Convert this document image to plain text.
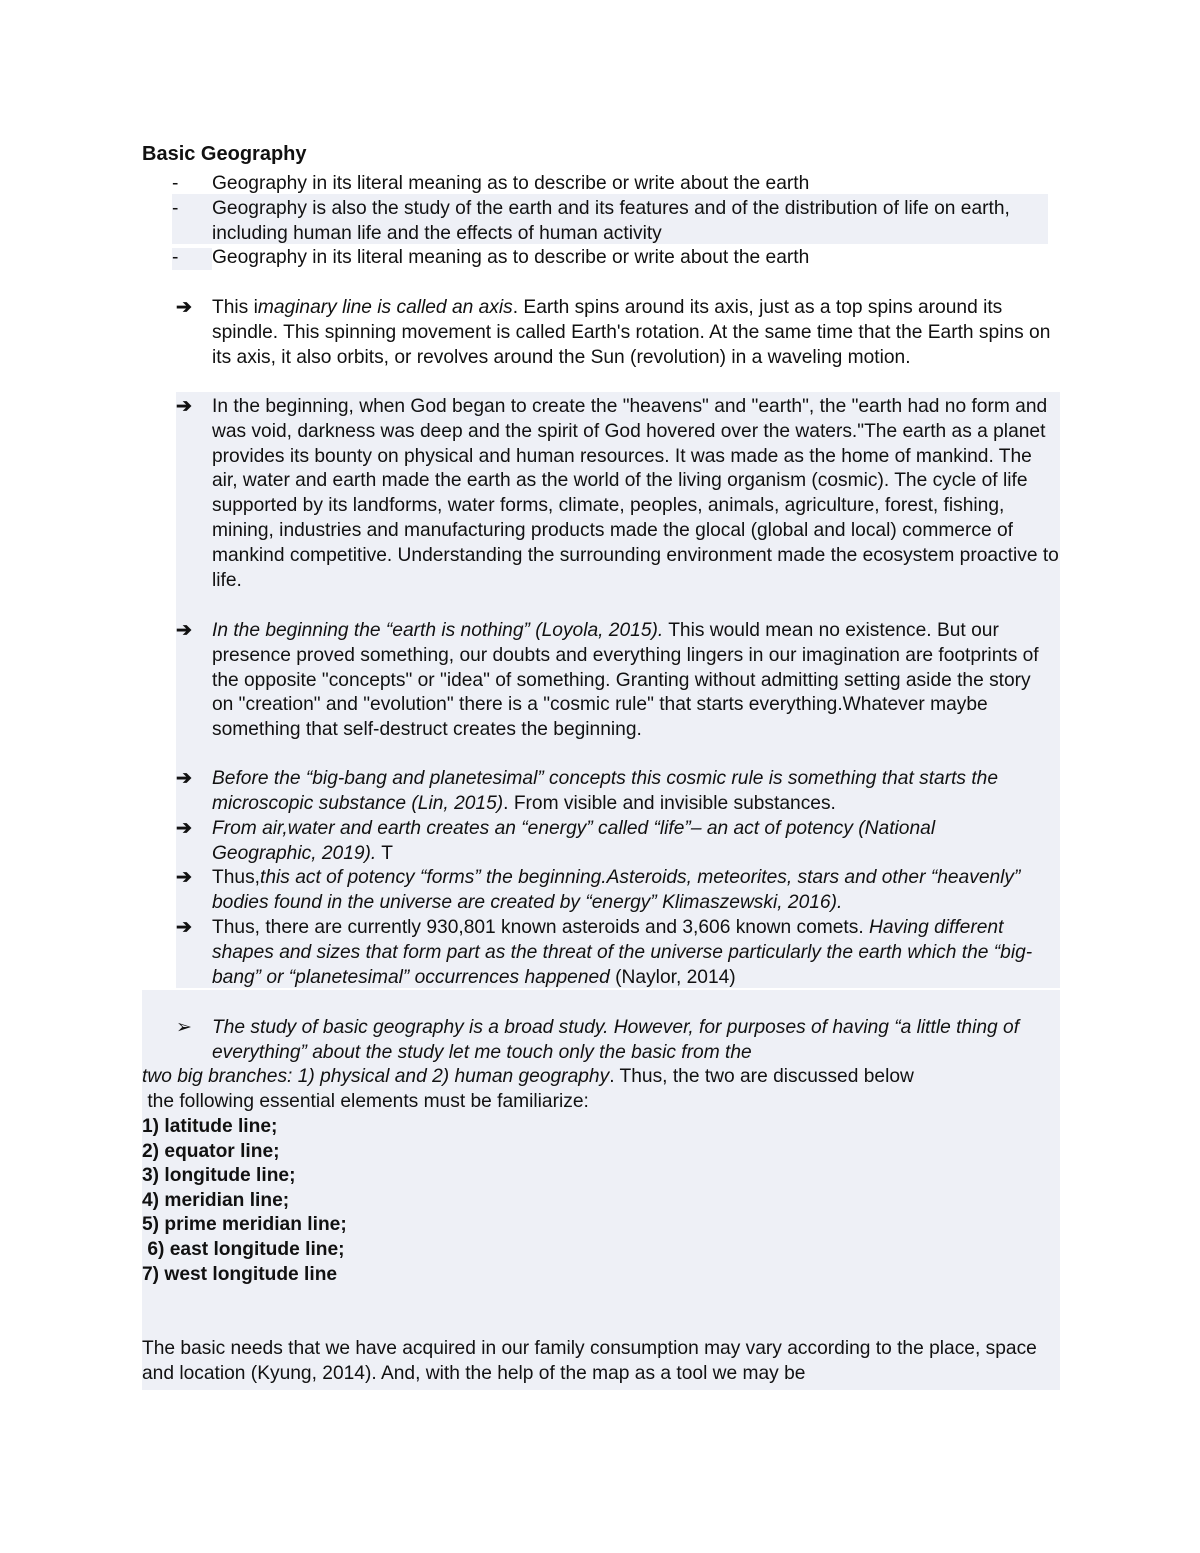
Basic Geography
- Geography in its literal meaning as to describe or write about the earth
- Geography is also the study of the earth and its features and of the distribution of life on earth, including human life and the effects of human activity
- Geography in its literal meaning as to describe or write about the earth
➔ This imaginary line is called an axis. Earth spins around its axis, just as a top spins around its spindle. This spinning movement is called Earth's rotation. At the same time that the Earth spins on its axis, it also orbits, or revolves around the Sun (revolution) in a waveling motion.
➔ In the beginning, when God began to create the "heavens" and "earth", the "earth had no form and was void, darkness was deep and the spirit of God hovered over the waters."The earth as a planet provides its bounty on physical and human resources. It was made as the home of mankind. The air, water and earth made the earth as the world of the living organism (cosmic). The cycle of life supported by its landforms, water forms, climate, peoples, animals, agriculture, forest, fishing, mining, industries and manufacturing products made the glocal (global and local) commerce of mankind competitive. Understanding the surrounding environment made the ecosystem proactive to life.
➔ In the beginning the “earth is nothing” (Loyola, 2015). This would mean no existence. But our presence proved something, our doubts and everything lingers in our imagination are footprints of the opposite "concepts" or "idea" of something. Granting without admitting setting aside the story on "creation" and "evolution" there is a "cosmic rule" that starts everything.Whatever maybe something that self-destruct creates the beginning.
➔ Before the “big-bang and planetesimal” concepts this cosmic rule is something that starts the microscopic substance (Lin, 2015). From visible and invisible substances.
➔ From air,water and earth creates an “energy” called “life”– an act of potency (National Geographic, 2019). T
➔ Thus,this act of potency “forms” the beginning.Asteroids, meteorites, stars and other “heavenly” bodies found in the universe are created by “energy” Klimaszewski, 2016).
➔ Thus, there are currently 930,801 known asteroids and 3,606 known comets. Having different shapes and sizes that form part as the threat of the universe particularly the earth which the “big-bang” or “planetesimal” occurrences happened (Naylor, 2014)
➢ The study of basic geography is a broad study. However, for purposes of having “a little thing of everything” about the study let me touch only the basic from the
two big branches: 1) physical and 2) human geography. Thus, the two are discussed below
the following essential elements must be familiarize:
1) latitude line;
2) equator line;
3) longitude line;
4) meridian line;
5) prime meridian line;
6) east longitude line;
7) west longitude line
The basic needs that we have acquired in our family consumption may vary according to the place, space and location (Kyung, 2014). And, with the help of the map as a tool we may be
